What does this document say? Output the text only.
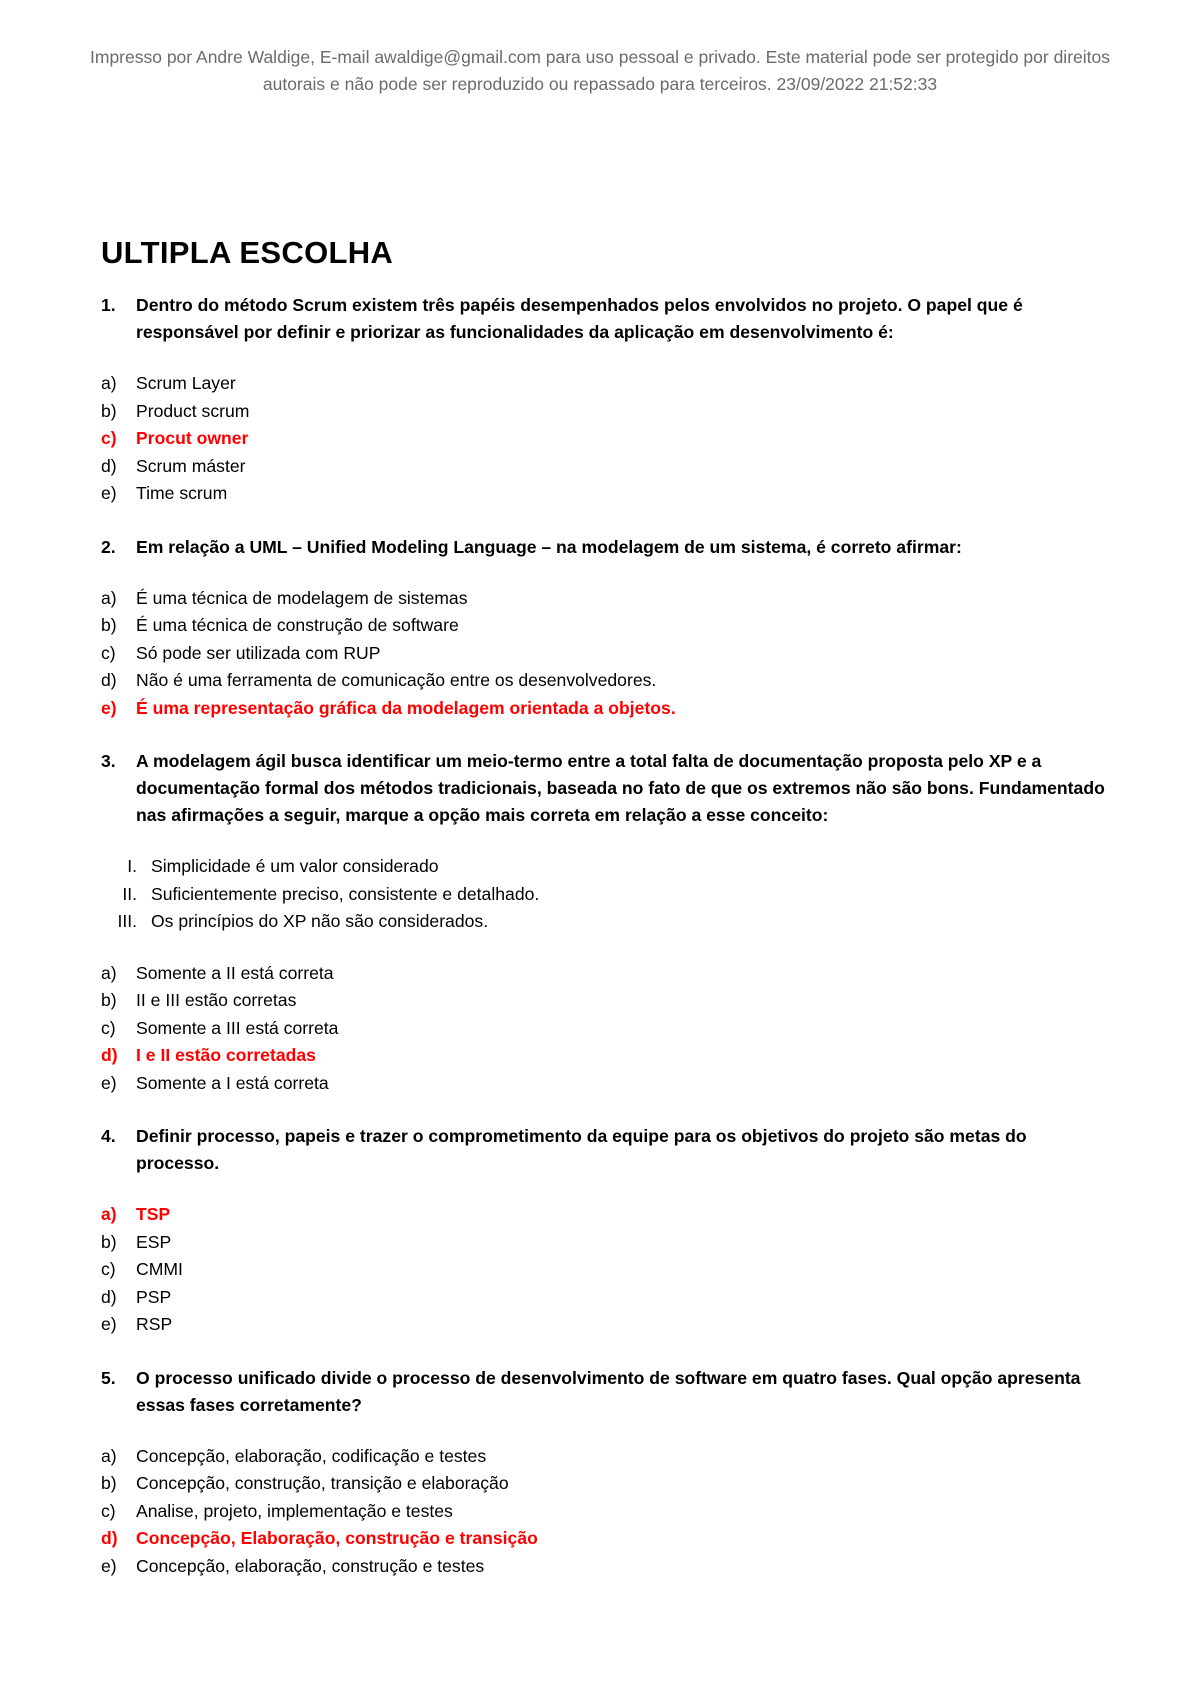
Impresso por Andre Waldige, E-mail awaldige@gmail.com para uso pessoal e privado. Este material pode ser protegido por direitos
autorais e não pode ser reproduzido ou repassado para terceiros. 23/09/2022 21:52:33
ULTIPLA ESCOLHA
1.	Dentro do método Scrum existem três papéis desempenhados pelos envolvidos no projeto. O papel que é responsável por definir e priorizar as funcionalidades da aplicação em desenvolvimento é:
a)	Scrum Layer
b)	Product scrum
c)	Procut owner
d)	Scrum máster
e)	Time scrum
2.	Em relação a UML – Unified Modeling Language – na modelagem de um sistema, é correto afirmar:
a)	É uma técnica de modelagem de sistemas
b)	É uma técnica de construção de software
c)	Só pode ser utilizada com RUP
d)	Não é uma ferramenta de comunicação entre os desenvolvedores.
e)	É uma representação gráfica da modelagem orientada a objetos.
3.	A modelagem ágil busca identificar um meio-termo entre a total falta de documentação proposta pelo XP e a documentação formal dos métodos tradicionais, baseada no fato de que os extremos não são bons. Fundamentado nas afirmações a seguir, marque a opção mais correta em relação a esse conceito:
I. Simplicidade é um valor considerado
II. Suficientemente preciso, consistente e detalhado.
III. Os princípios do XP não são considerados.
a)	Somente a II está correta
b)	II e III estão corretas
c)	Somente a III está correta
d)	I e II estão corretadas
e)	Somente a I está correta
4.	Definir processo, papeis e trazer o comprometimento da equipe para os objetivos do projeto são metas do processo.
a)	TSP
b)	ESP
c)	CMMI
d)	PSP
e)	RSP
5.	O processo unificado divide o processo de desenvolvimento de software em quatro fases. Qual opção apresenta essas fases corretamente?
a)	Concepção, elaboração, codificação e testes
b)	Concepção, construção, transição e elaboração
c)	Analise, projeto, implementação e testes
d)	Concepção, Elaboração, construção e transição
e)	Concepção, elaboração, construção e testes
